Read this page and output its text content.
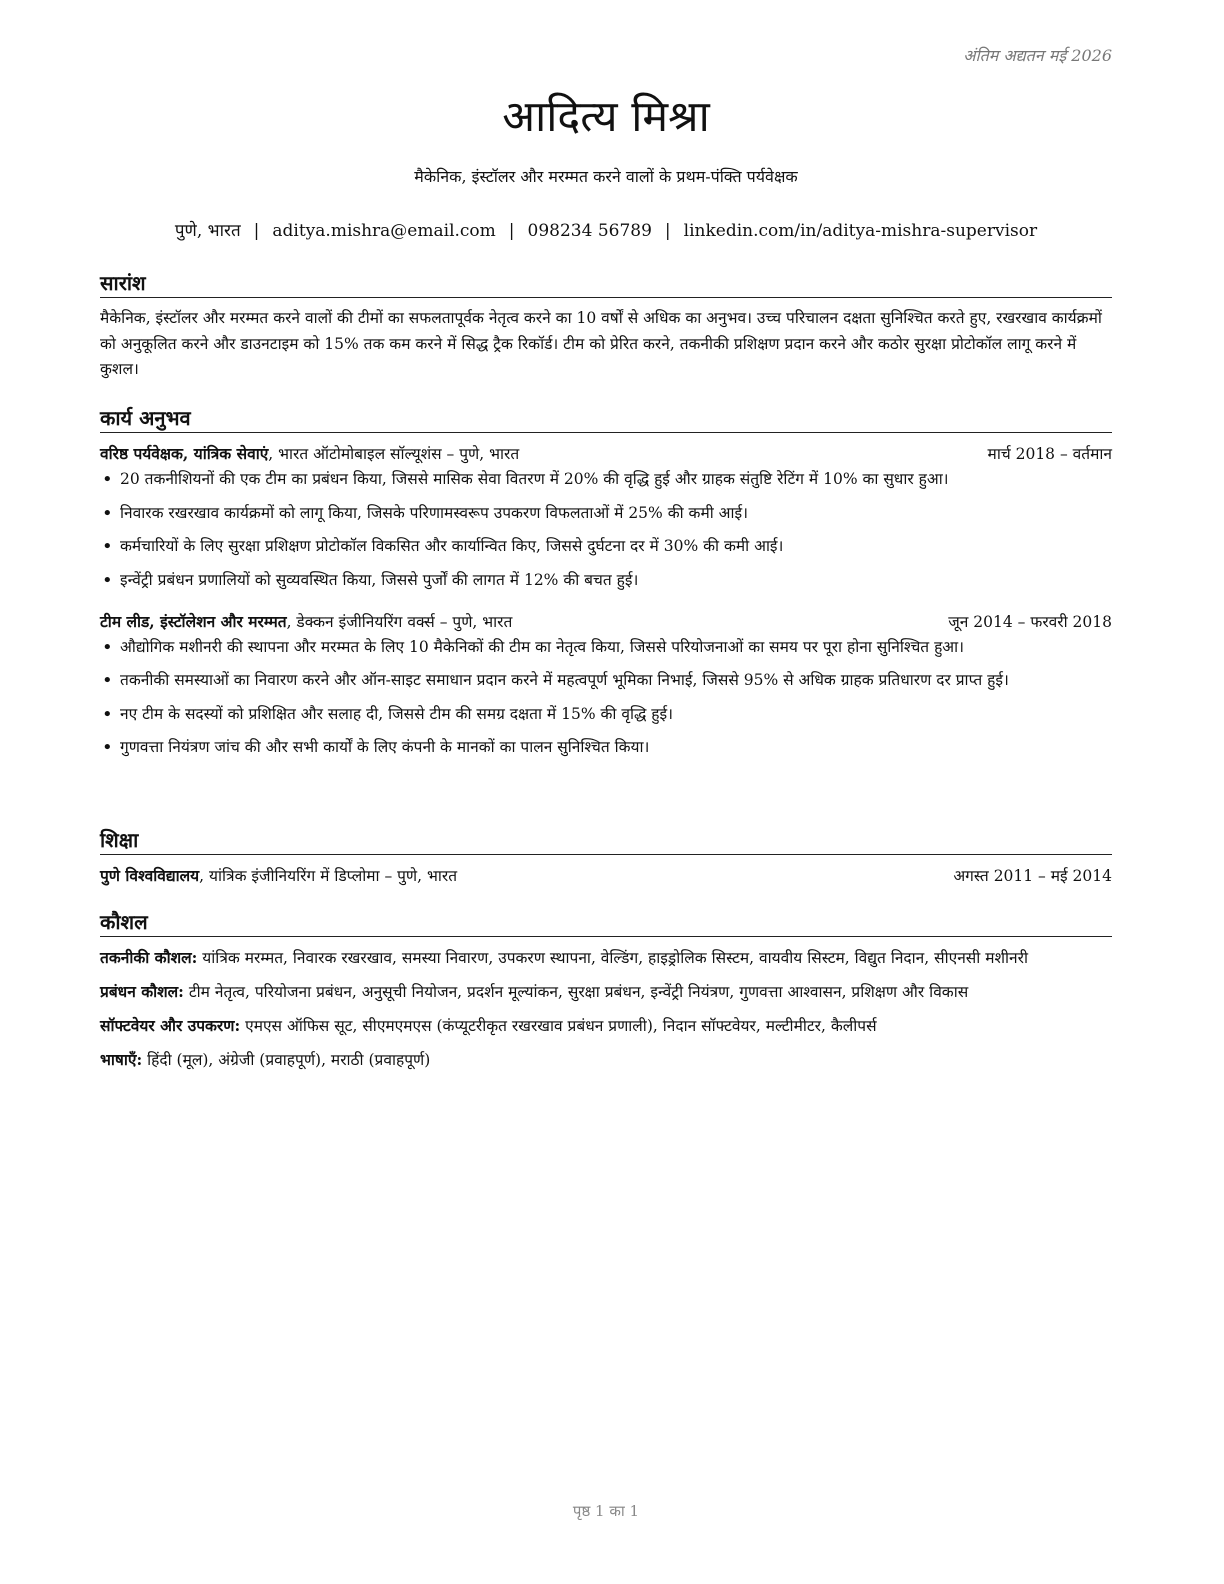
अंतिम अद्यतन मई 2026
आदित्य मिश्रा
मैकेनिक, इंस्टॉलर और मरम्मत करने वालों के प्रथम-पंक्ति पर्यवेक्षक
पुणे, भारत | aditya.mishra@email.com | 098234 56789 | linkedin.com/in/aditya-mishra-supervisor
सारांश

मैकेनिक, इंस्टॉलर और मरम्मत करने वालों की टीमों का सफलतापूर्वक नेतृत्व करने का 10 वर्षों से अधिक का अनुभव। उच्च परिचालन दक्षता सुनिश्चित करते हुए, रखरखाव कार्यक्रमों को अनुकूलित करने और डाउनटाइम को 15% तक कम करने में सिद्ध ट्रैक रिकॉर्ड। टीम को प्रेरित करने, तकनीकी प्रशिक्षण प्रदान करने और कठोर सुरक्षा प्रोटोकॉल लागू करने में कुशल।

कार्य अनुभव
वरिष्ठ पर्यवेक्षक, यांत्रिक सेवाएं, भारत ऑटोमोबाइल सॉल्यूशंस – पुणे, भारत	मार्च 2018 – वर्तमान
• 20 तकनीशियनों की एक टीम का प्रबंधन किया, जिससे मासिक सेवा वितरण में 20% की वृद्धि हुई और ग्राहक संतुष्टि रेटिंग में 10% का सुधार हुआ।
• निवारक रखरखाव कार्यक्रमों को लागू किया, जिसके परिणामस्वरूप उपकरण विफलताओं में 25% की कमी आई।
• कर्मचारियों के लिए सुरक्षा प्रशिक्षण प्रोटोकॉल विकसित और कार्यान्वित किए, जिससे दुर्घटना दर में 30% की कमी आई।
• इन्वेंट्री प्रबंधन प्रणालियों को सुव्यवस्थित किया, जिससे पुर्जों की लागत में 12% की बचत हुई।
टीम लीड, इंस्टॉलेशन और मरम्मत, डेक्कन इंजीनियरिंग वर्क्स – पुणे, भारत	जून 2014 – फरवरी 2018
• औद्योगिक मशीनरी की स्थापना और मरम्मत के लिए 10 मैकेनिकों की टीम का नेतृत्व किया, जिससे परियोजनाओं का समय पर पूरा होना सुनिश्चित हुआ।
• तकनीकी समस्याओं का निवारण करने और ऑन-साइट समाधान प्रदान करने में महत्वपूर्ण भूमिका निभाई, जिससे 95% से अधिक ग्राहक प्रतिधारण दर प्राप्त हुई।
• नए टीम के सदस्यों को प्रशिक्षित और सलाह दी, जिससे टीम की समग्र दक्षता में 15% की वृद्धि हुई।
• गुणवत्ता नियंत्रण जांच की और सभी कार्यों के लिए कंपनी के मानकों का पालन सुनिश्चित किया।
शिक्षा
पुणे विश्वविद्यालय, यांत्रिक इंजीनियरिंग में डिप्लोमा – पुणे, भारत	अगस्त 2011 – मई 2014
कौशल
तकनीकी कौशल: यांत्रिक मरम्मत, निवारक रखरखाव, समस्या निवारण, उपकरण स्थापना, वेल्डिंग, हाइड्रोलिक सिस्टम, वायवीय सिस्टम, विद्युत निदान, सीएनसी मशीनरी
प्रबंधन कौशल: टीम नेतृत्व, परियोजना प्रबंधन, अनुसूची नियोजन, प्रदर्शन मूल्यांकन, सुरक्षा प्रबंधन, इन्वेंट्री नियंत्रण, गुणवत्ता आश्वासन, प्रशिक्षण और विकास
सॉफ्टवेयर और उपकरण: एमएस ऑफिस सूट, सीएमएमएस (कंप्यूटरीकृत रखरखाव प्रबंधन प्रणाली), निदान सॉफ्टवेयर, मल्टीमीटर, कैलीपर्स
भाषाएँ: हिंदी (मूल), अंग्रेजी (प्रवाहपूर्ण), मराठी (प्रवाहपूर्ण)
पृष्ठ 1 का 1
